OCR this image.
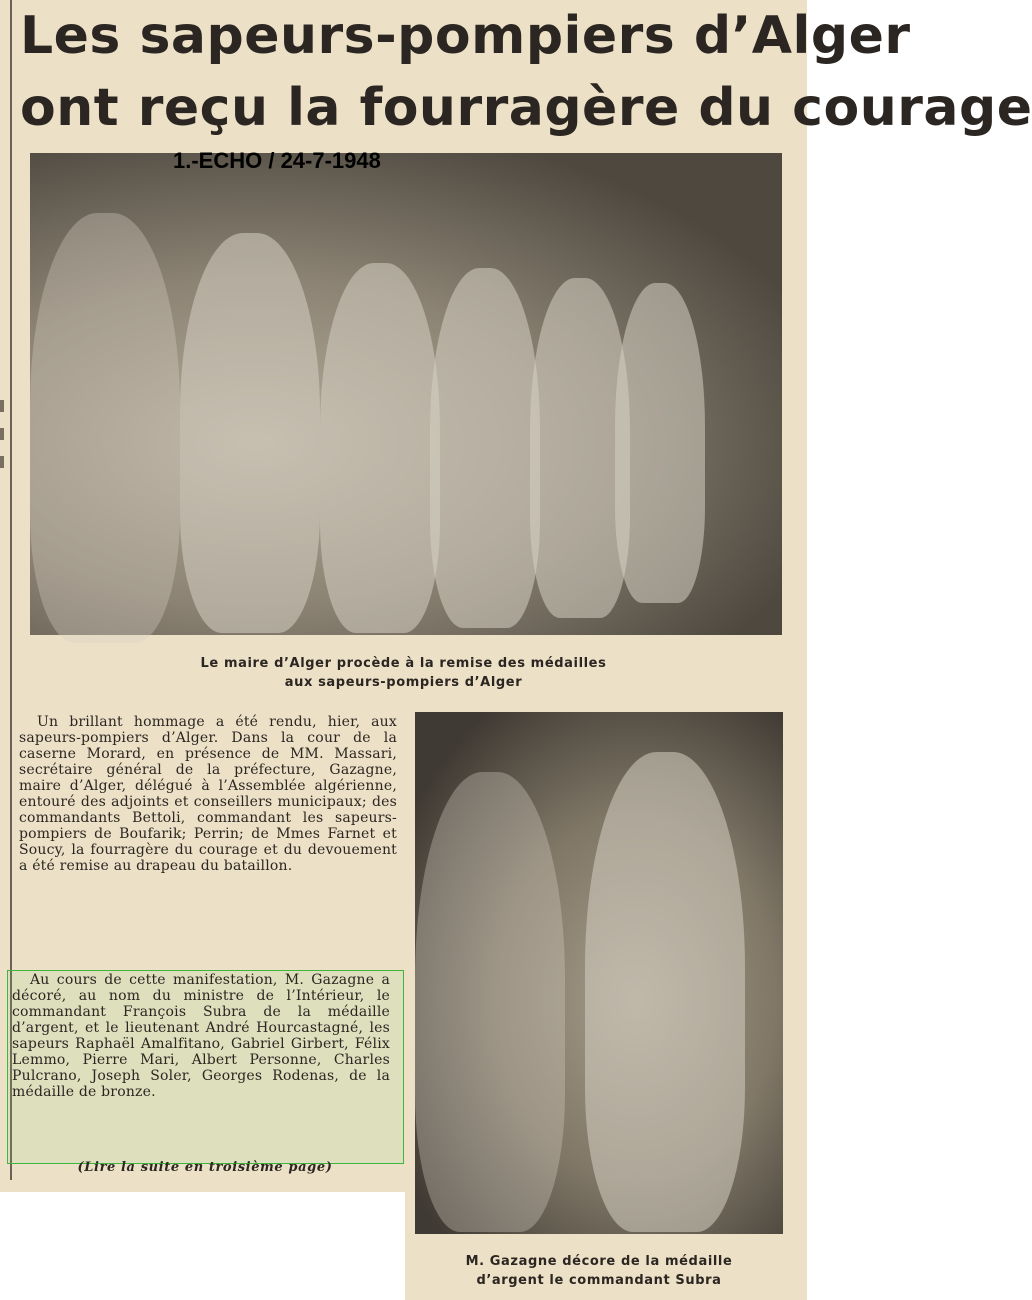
Les sapeurs-pompiers d’Alger
ont reçu la fourragère du courage
1.-ECHO / 24-7-1948
Le maire d’Alger procède à la remise des médailles
aux sapeurs-pompiers d’Alger
M. Gazagne décore de la médaille
d’argent le commandant Subra

Un brillant hommage a été rendu, hier, aux sapeurs-pompiers d’Alger. Dans la cour de la caserne Morard, en présence de MM. Massari, secrétaire général de la préfecture, Gazagne, maire d’Alger, délégué à l’Assemblée algérienne, entouré des adjoints et conseillers municipaux; des commandants Bettoli, commandant les sapeurs-pompiers de Boufarik; Perrin; de Mmes Farnet et Soucy, la fourragère du courage et du devouement a été remise au drapeau du bataillon.

Au cours de cette manifestation, M. Gazagne a décoré, au nom du ministre de l’Intérieur, le commandant François Subra de la médaille d’argent, et le lieutenant André Hourcastagné, les sapeurs Raphaël Amalfitano, Gabriel Girbert, Félix Lemmo, Pierre Mari, Albert Personne, Charles Pulcrano, Joseph Soler, Georges Rodenas, de la médaille de bronze.
(Lire la suite en troisième page)
